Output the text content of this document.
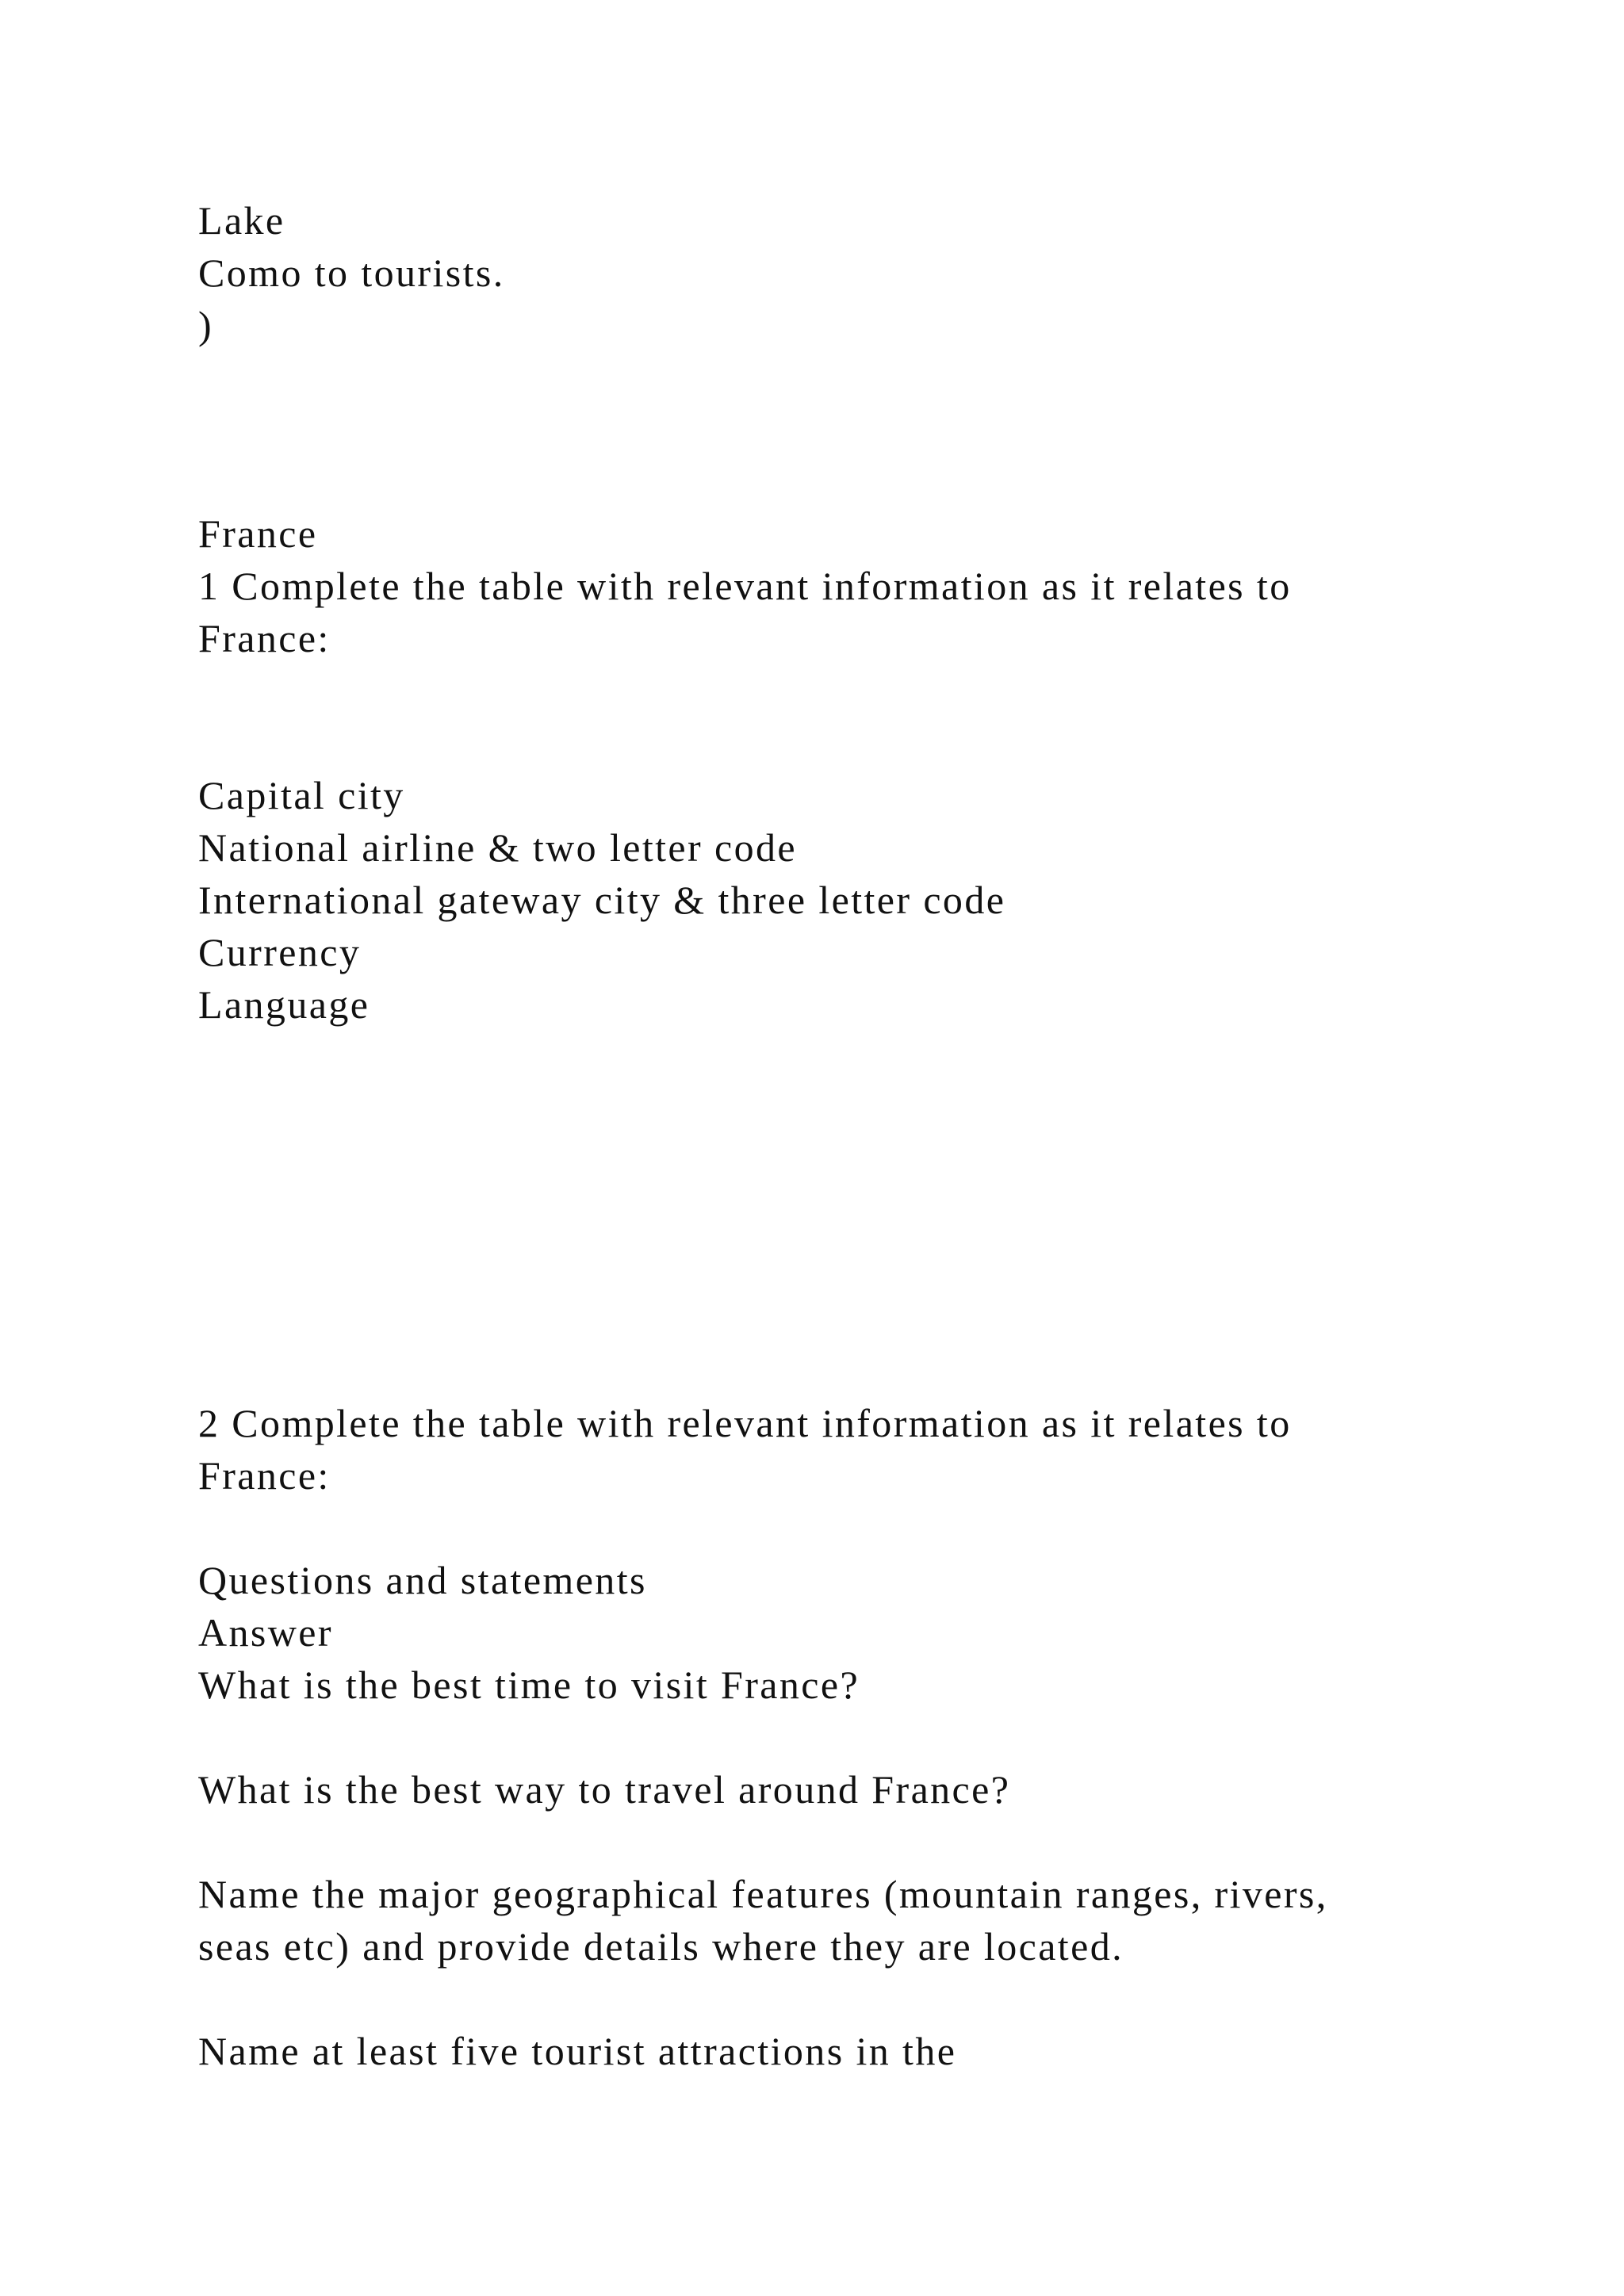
Lake

Como to tourists.

)

France

1 Complete the table with relevant information as it relates to

France:

Capital city

National airline & two letter code

International gateway city & three letter code

Currency

Language

2 Complete the table with relevant information as it relates to

France:

Questions and statements

Answer

What is the best time to visit France?

What is the best way to travel around France?

Name the major geographical features (mountain ranges, rivers,

seas etc) and provide details where they are located.

Name at least five tourist attractions in the
